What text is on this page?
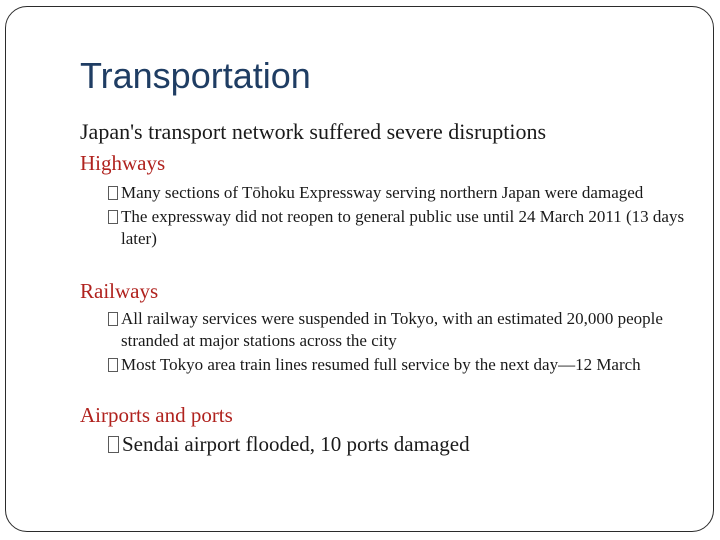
Transportation
Japan's transport network suffered severe disruptions
Highways
Many sections of Tōhoku Expressway serving northern Japan were damaged
The expressway did not reopen to general public use until 24 March 2011 (13 days later)
Railways
All railway services were suspended in Tokyo, with an estimated 20,000 people stranded at major stations across the city
Most Tokyo area train lines resumed full service by the next day—12 March
Airports and ports
Sendai airport flooded, 10 ports damaged
